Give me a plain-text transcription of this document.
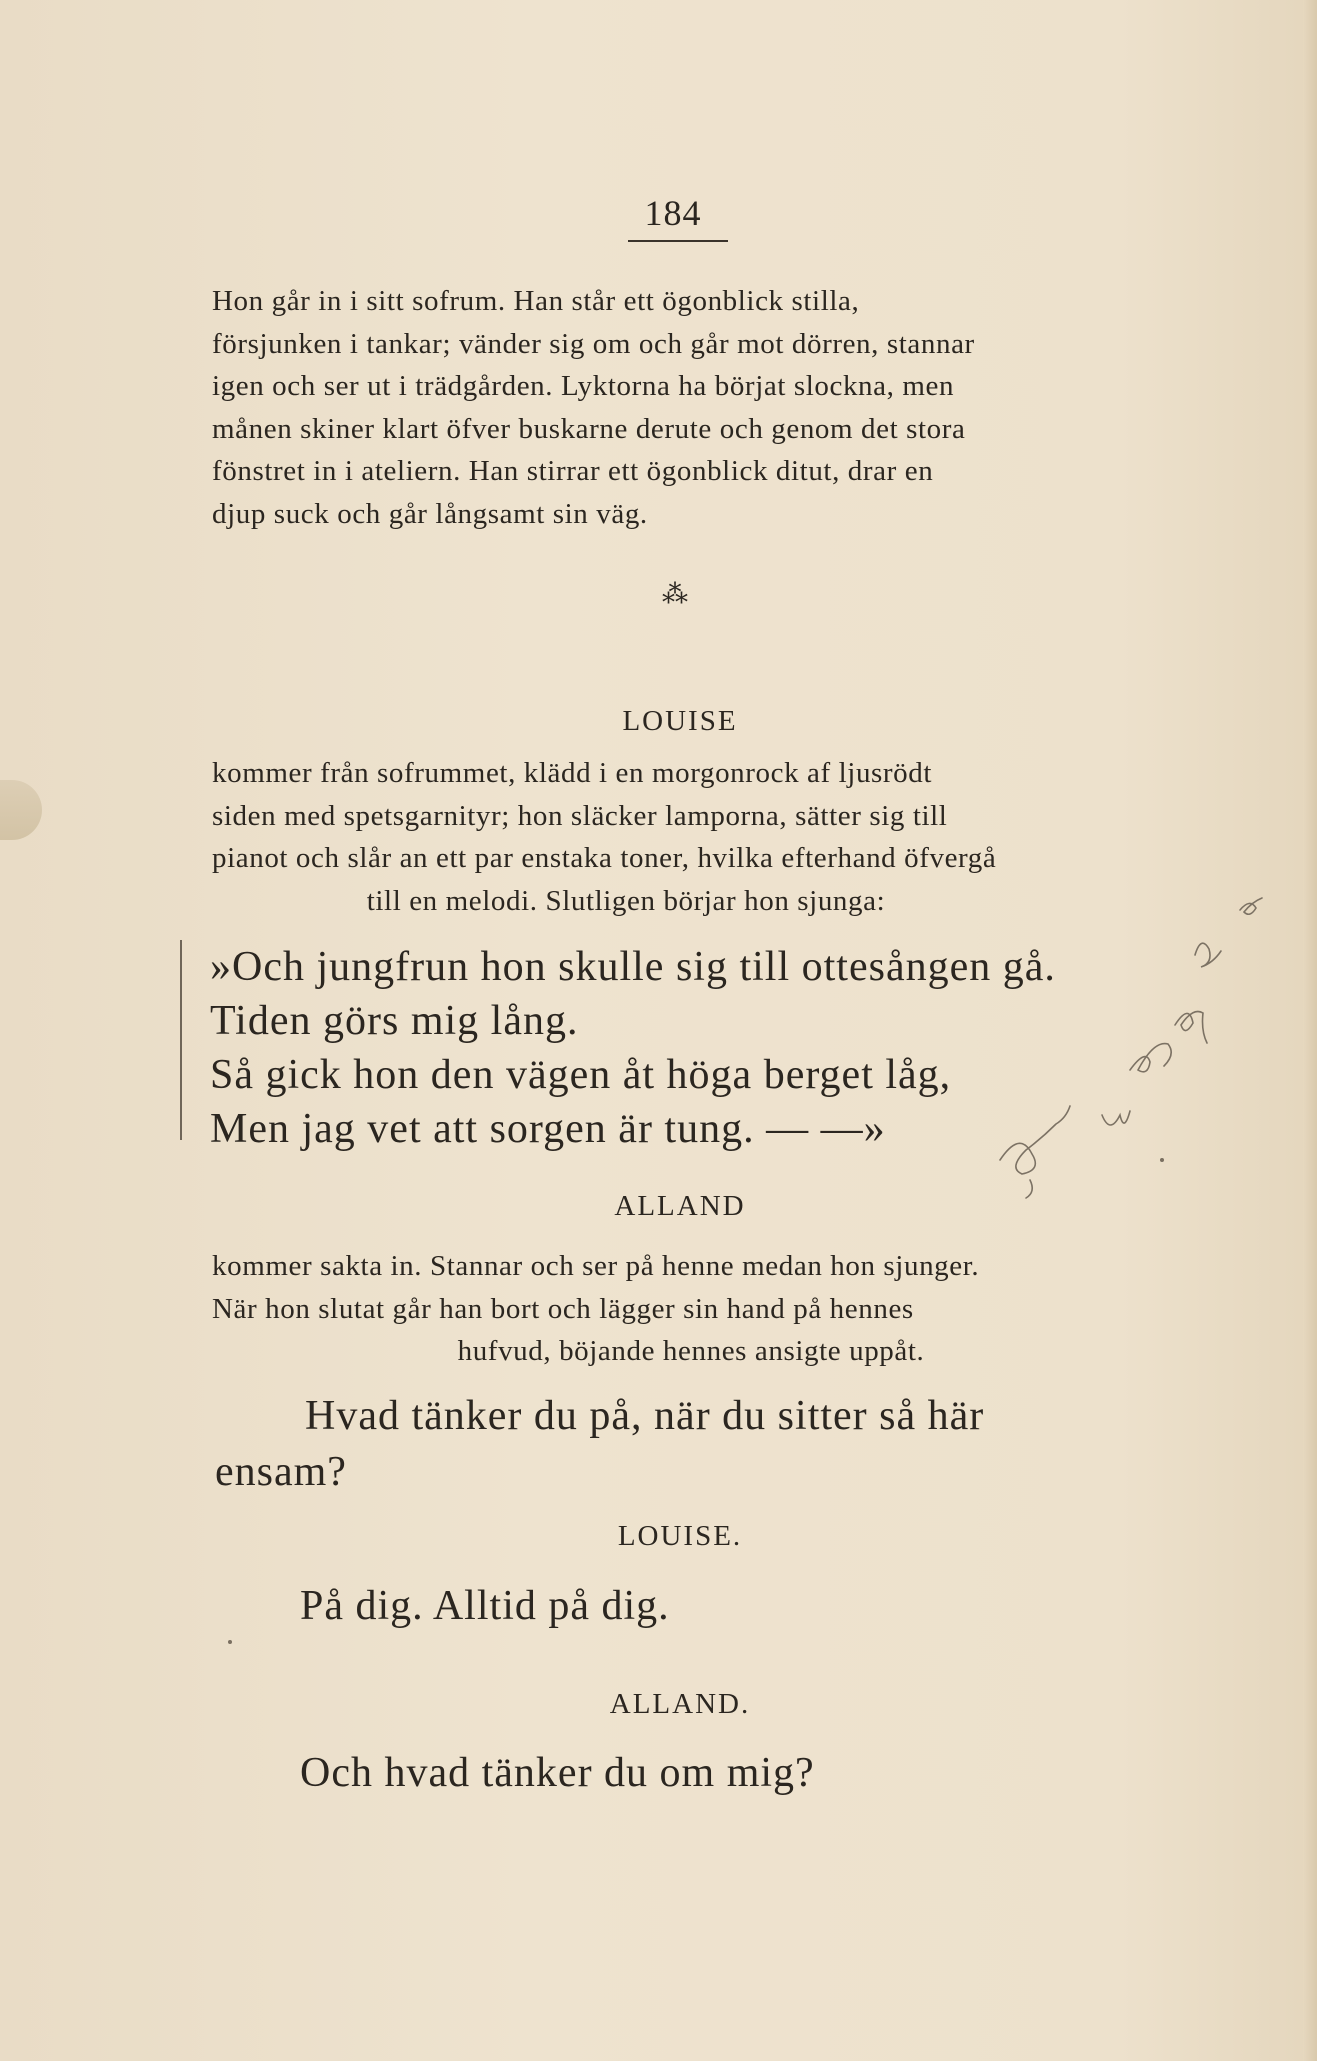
184

Hon går in i sitt sofrum. Han står ett ögonblick stilla,

försjunken i tankar; vänder sig om och går mot dörren, stannar

igen och ser ut i trädgården. Lyktorna ha börjat slockna, men

månen skiner klart öfver buskarne derute och genom det stora

fönstret in i ateliern. Han stirrar ett ögonblick ditut, drar en

djup suck och går långsamt sin väg.

⁂
LOUISE

kommer från sofrummet, klädd i en morgonrock af ljusrödt

siden med spetsgarnityr; hon släcker lamporna, sätter sig till

pianot och slår an ett par enstaka toner, hvilka efterhand öfvergå

till en melodi. Slutligen börjar hon sjunga:

»Och jungfrun hon skulle sig till ottesången gå.
Tiden görs mig lång.
Så gick hon den vägen åt höga berget låg,
Men jag vet att sorgen är tung. — —»
ALLAND

kommer sakta in. Stannar och ser på henne medan hon sjunger.

När hon slutat går han bort och lägger sin hand på hennes

hufvud, böjande hennes ansigte uppåt.

Hvad tänker du på, när du sitter så här
ensam?
LOUISE.
På dig. Alltid på dig.
ALLAND.
Och hvad tänker du om mig?
